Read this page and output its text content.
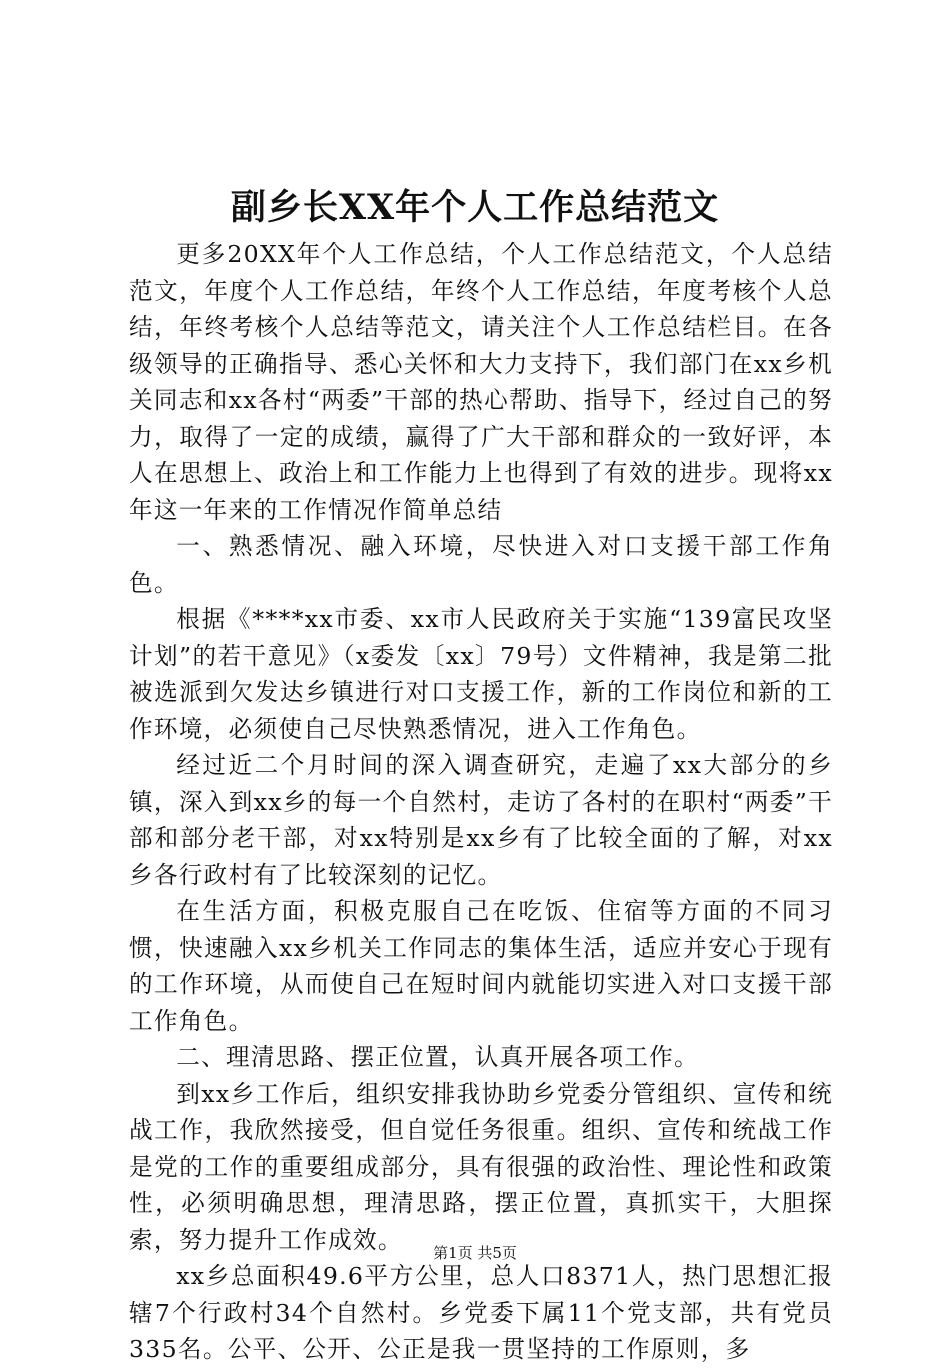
副乡长XX年个人工作总结范文

更多20XX年个人工作总结，个人工作总结范文，个人总结范文，年度个人工作总结，年终个人工作总结，年度考核个人总结，年终考核个人总结等范文，请关注个人工作总结栏目。在各级领导的正确指导、悉心关怀和大力支持下，我们部门在xx乡机关同志和xx各村“两委”干部的热心帮助、指导下，经过自己的努力，取得了一定的成绩，赢得了广大干部和群众的一致好评，本人在思想上、政治上和工作能力上也得到了有效的进步。现将xx年这一年来的工作情况作简单总结

一、熟悉情况、融入环境，尽快进入对口支援干部工作角色。

根据《****xx市委、xx市人民政府关于实施“139富民攻坚计划”的若干意见》（x委发〔xx〕79号）文件精神，我是第二批被选派到欠发达乡镇进行对口支援工作，新的工作岗位和新的工作环境，必须使自己尽快熟悉情况，进入工作角色。

经过近二个月时间的深入调查研究，走遍了xx大部分的乡镇，深入到xx乡的每一个自然村，走访了各村的在职村“两委”干部和部分老干部，对xx特别是xx乡有了比较全面的了解，对xx乡各行政村有了比较深刻的记忆。

在生活方面，积极克服自己在吃饭、住宿等方面的不同习惯，快速融入xx乡机关工作同志的集体生活，适应并安心于现有的工作环境，从而使自己在短时间内就能切实进入对口支援干部工作角色。

二、理清思路、摆正位置，认真开展各项工作。

到xx乡工作后，组织安排我协助乡党委分管组织、宣传和统战工作，我欣然接受，但自觉任务很重。组织、宣传和统战工作是党的工作的重要组成部分，具有很强的政治性、理论性和政策性，必须明确思想，理清思路，摆正位置，真抓实干，大胆探索，努力提升工作成效。

xx乡总面积49.6平方公里，总人口8371人，热门思想汇报辖7个行政村34个自然村。乡党委下属11个党支部，共有党员335名。公平、公开、公正是我一贯坚持的工作原则，多

第1页 共5页
